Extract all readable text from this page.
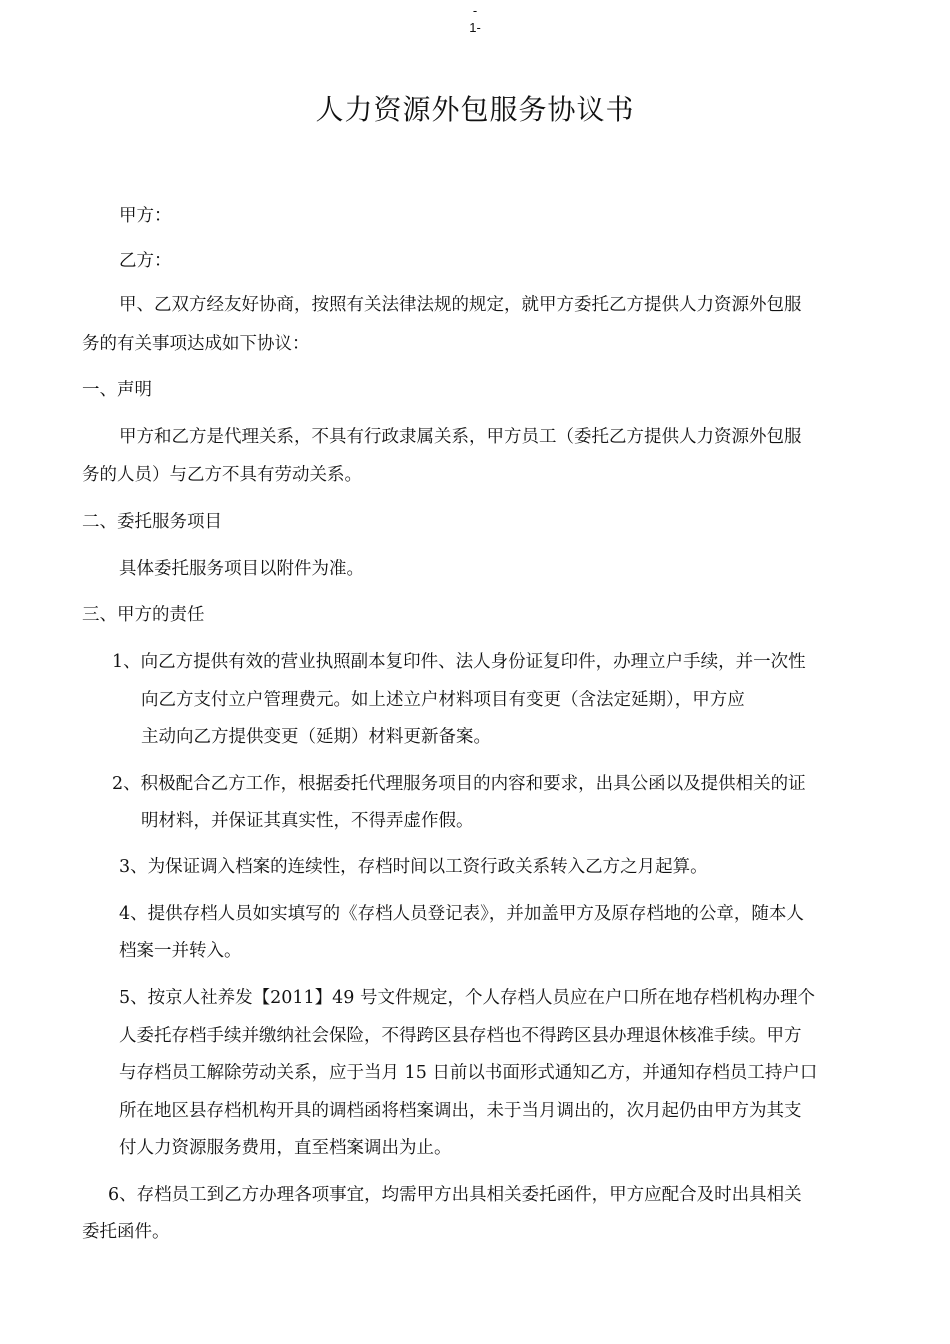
-
1-
人力资源外包服务协议书
甲方：
乙方：
甲、乙双方经友好协商，按照有关法律法规的规定，就甲方委托乙方提供人力资源外包服
务的有关事项达成如下协议：
一、声明
甲方和乙方是代理关系，不具有行政隶属关系，甲方员工（委托乙方提供人力资源外包服
务的人员）与乙方不具有劳动关系。
二、委托服务项目
具体委托服务项目以附件为准。
三、甲方的责任
1、向乙方提供有效的营业执照副本复印件、法人身份证复印件，办理立户手续，并一次性
向乙方支付立户管理费元。如上述立户材料项目有变更（含法定延期），甲方应
主动向乙方提供变更（延期）材料更新备案。
2、积极配合乙方工作，根据委托代理服务项目的内容和要求，出具公函以及提供相关的证
明材料，并保证其真实性，不得弄虚作假。
3、为保证调入档案的连续性，存档时间以工资行政关系转入乙方之月起算。
4、提供存档人员如实填写的《存档人员登记表》，并加盖甲方及原存档地的公章，随本人
档案一并转入。
5、按京人社养发【2011】49 号文件规定，个人存档人员应在户口所在地存档机构办理个
人委托存档手续并缴纳社会保险，不得跨区县存档也不得跨区县办理退休核准手续。甲方
与存档员工解除劳动关系，应于当月 15 日前以书面形式通知乙方，并通知存档员工持户口
所在地区县存档机构开具的调档函将档案调出，未于当月调出的，次月起仍由甲方为其支
付人力资源服务费用，直至档案调出为止。
6、存档员工到乙方办理各项事宜，均需甲方出具相关委托函件，甲方应配合及时出具相关
委托函件。
